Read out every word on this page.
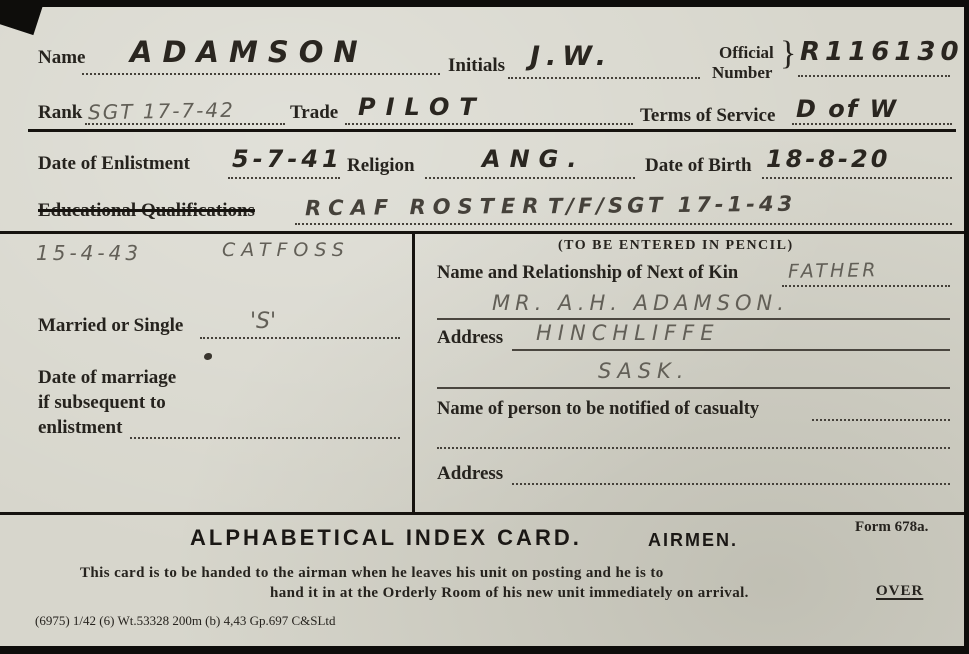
Name ADAMSON	Initials J.W.	Official
Number
} R116130
Rank SGT 17-7-42	Trade PILOT	Terms of Service D of W
Date of Enlistment 5-7-41 Religion	ANG.	Date of Birth 18-8-20
Educational Qualifications RCAF ROSTER T/F/SGT 17-1-43
15-4-43	CATFOSS
Married or Single	'S'
Date of marriage
if subsequent to
enlistment
(TO BE ENTERED IN PENCIL)
Name and Relationship of Next of Kin	FATHER
MR. A.H. ADAMSON.
Address HINCHLIFFE
SASK.
Name of person to be notified of casualty
Address
ALPHABETICAL INDEX CARD.	AIRMEN.
Form 678a.
This card is to be handed to the airman when he leaves his unit on posting and he is to
hand it in at the Orderly Room of his new unit immediately on arrival.	OVER
(6975) 1/42 (6) Wt.53328 200m (b) 4,43 Gp.697 C&SLtd
